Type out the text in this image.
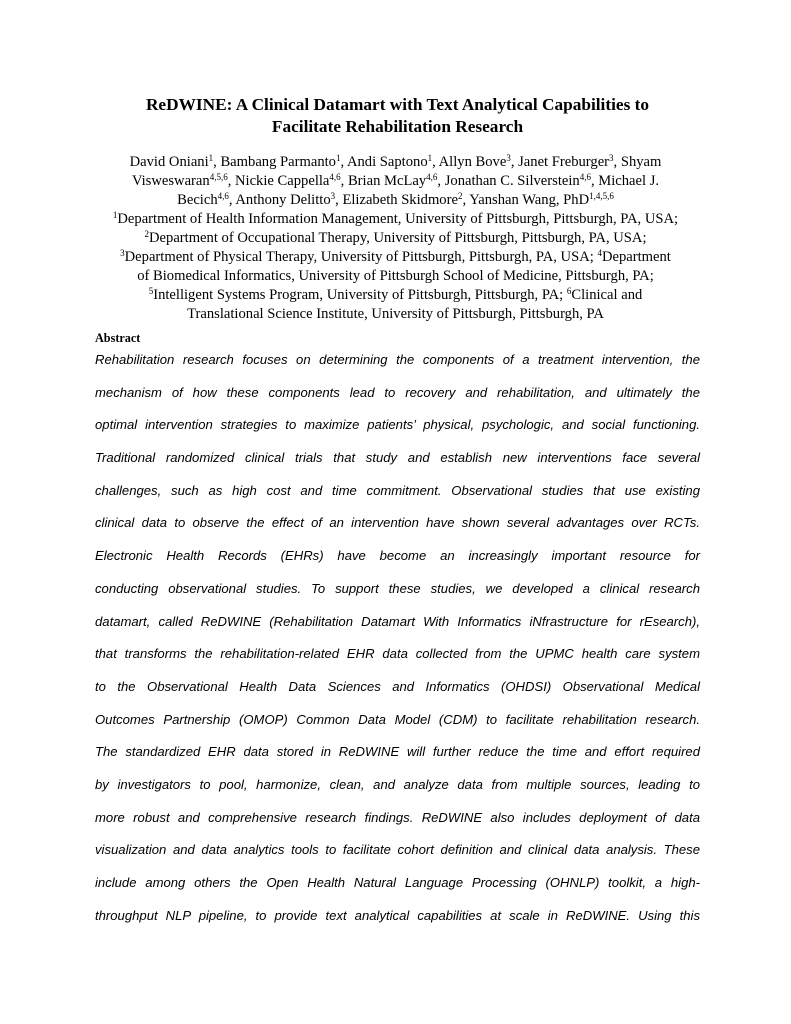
ReDWINE: A Clinical Datamart with Text Analytical Capabilities to
Facilitate Rehabilitation Research
David Oniani$^1$, Bambang Parmanto$^1$, Andi Saptono$^1$, Allyn Bove$^3$, Janet Freburger$^3$, Shyam
Visweswaran$^{4,5,6}$, Nickie Cappella$^{4,6}$, Brian McLay$^{4,6}$, Jonathan C. Silverstein$^{4,6}$, Michael J.
Becich$^{4,6}$, Anthony Delitto$^3$, Elizabeth Skidmore$^2$, Yanshan Wang, PhD$^{1,4,5,6}$
$^1$Department of Health Information Management, University of Pittsburgh, Pittsburgh, PA, USA;
$^2$Department of Occupational Therapy, University of Pittsburgh, Pittsburgh, PA, USA;
$^3$Department of Physical Therapy, University of Pittsburgh, Pittsburgh, PA, USA; $^4$Department
of Biomedical Informatics, University of Pittsburgh School of Medicine, Pittsburgh, PA;
$^5$Intelligent Systems Program, University of Pittsburgh, Pittsburgh, PA; $^6$Clinical and
Translational Science Institute, University of Pittsburgh, Pittsburgh, PA
Abstract
Rehabilitation research focuses on determining the components of a treatment intervention, the
mechanism of how these components lead to recovery and rehabilitation, and ultimately the
optimal intervention strategies to maximize patients’ physical, psychologic, and social functioning.
Traditional randomized clinical trials that study and establish new interventions face several
challenges, such as high cost and time commitment. Observational studies that use existing
clinical data to observe the effect of an intervention have shown several advantages over RCTs.
Electronic Health Records (EHRs) have become an increasingly important resource for
conducting observational studies. To support these studies, we developed a clinical research
datamart, called ReDWINE (Rehabilitation Datamart With Informatics iNfrastructure for rEsearch),
that transforms the rehabilitation-related EHR data collected from the UPMC health care system
to the Observational Health Data Sciences and Informatics (OHDSI) Observational Medical
Outcomes Partnership (OMOP) Common Data Model (CDM) to facilitate rehabilitation research.
The standardized EHR data stored in ReDWINE will further reduce the time and effort required
by investigators to pool, harmonize, clean, and analyze data from multiple sources, leading to
more robust and comprehensive research findings. ReDWINE also includes deployment of data
visualization and data analytics tools to facilitate cohort definition and clinical data analysis. These
include among others the Open Health Natural Language Processing (OHNLP) toolkit, a high-
throughput NLP pipeline, to provide text analytical capabilities at scale in ReDWINE. Using this
